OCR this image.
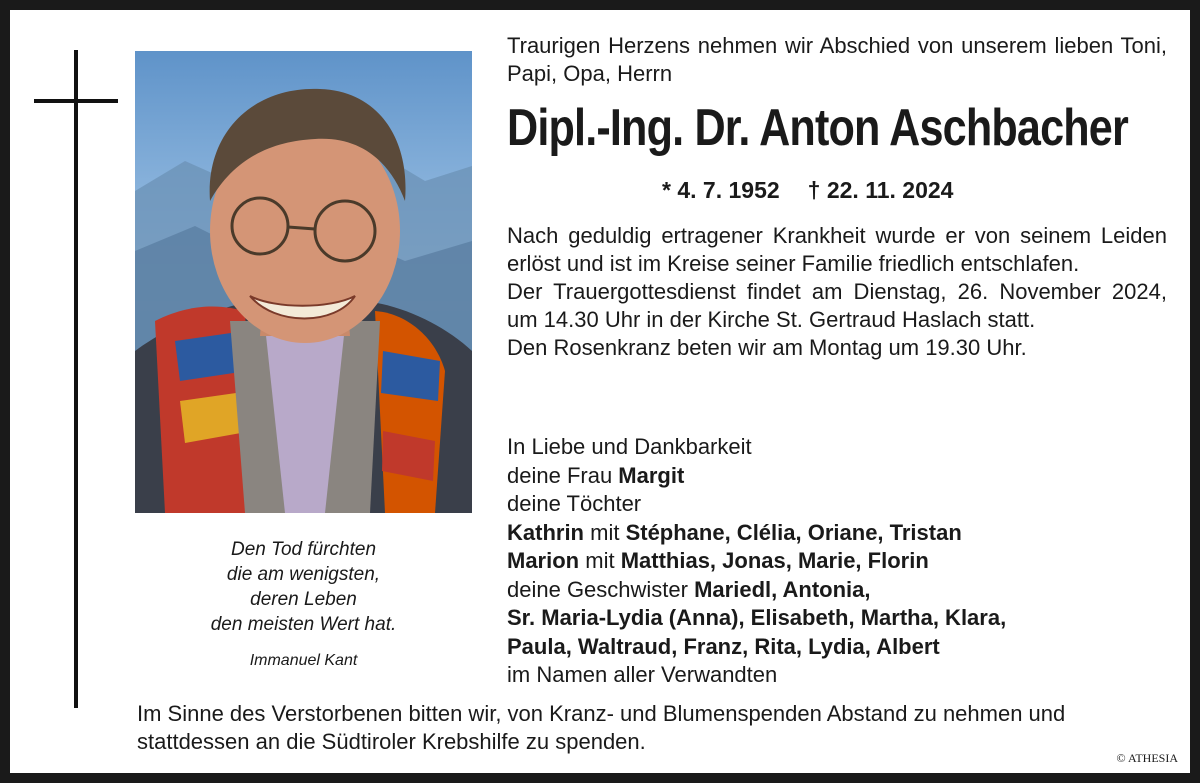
Den Tod fürchten
die am wenigsten,
deren Leben
den meisten Wert hat.
Immanuel Kant
Traurigen Herzens nehmen wir Abschied von unserem lieben Toni, Papi, Opa, Herrn
Dipl.-Ing. Dr. Anton Aschbacher
* 4. 7. 1952 † 22. 11. 2024

Nach geduldig ertragener Krankheit wurde er von seinem Leiden erlöst und ist im Kreise seiner Familie friedlich entschlafen.

Der Trauergottesdienst findet am Dienstag, 26. November 2024, um 14.30 Uhr in der Kirche St. Gertraud Haslach statt.

Den Rosenkranz beten wir am Montag um 19.30 Uhr.

In Liebe und Dankbarkeit

deine Frau Margit

deine Töchter

Kathrin mit Stéphane, Clélia, Oriane, Tristan

Marion mit Matthias, Jonas, Marie, Florin

deine Geschwister Mariedl, Antonia,

Sr. Maria-Lydia (Anna), Elisabeth, Martha, Klara,

Paula, Waltraud, Franz, Rita, Lydia, Albert

im Namen aller Verwandten

Im Sinne des Verstorbenen bitten wir, von Kranz- und Blumenspenden Abstand zu nehmen und stattdessen an die Südtiroler Krebshilfe zu spenden.
© ATHESIA
